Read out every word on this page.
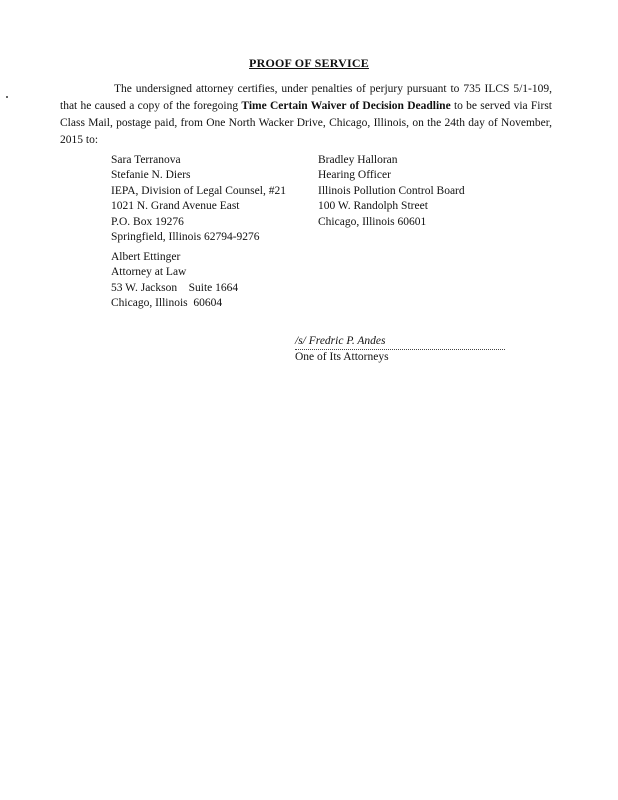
PROOF OF SERVICE
The undersigned attorney certifies, under penalties of perjury pursuant to 735 ILCS 5/1-109, that he caused a copy of the foregoing Time Certain Waiver of Decision Deadline to be served via First Class Mail, postage paid, from One North Wacker Drive, Chicago, Illinois, on the 24th day of November, 2015 to:
Sara Terranova
Stefanie N. Diers
IEPA, Division of Legal Counsel, #21
1021 N. Grand Avenue East
P.O. Box 19276
Springfield, Illinois 62794-9276
Bradley Halloran
Hearing Officer
Illinois Pollution Control Board
100 W. Randolph Street
Chicago, Illinois 60601
Albert Ettinger
Attorney at Law
53 W. Jackson    Suite 1664
Chicago, Illinois  60604
/s/ Fredric P. Andes
One of Its Attorneys
